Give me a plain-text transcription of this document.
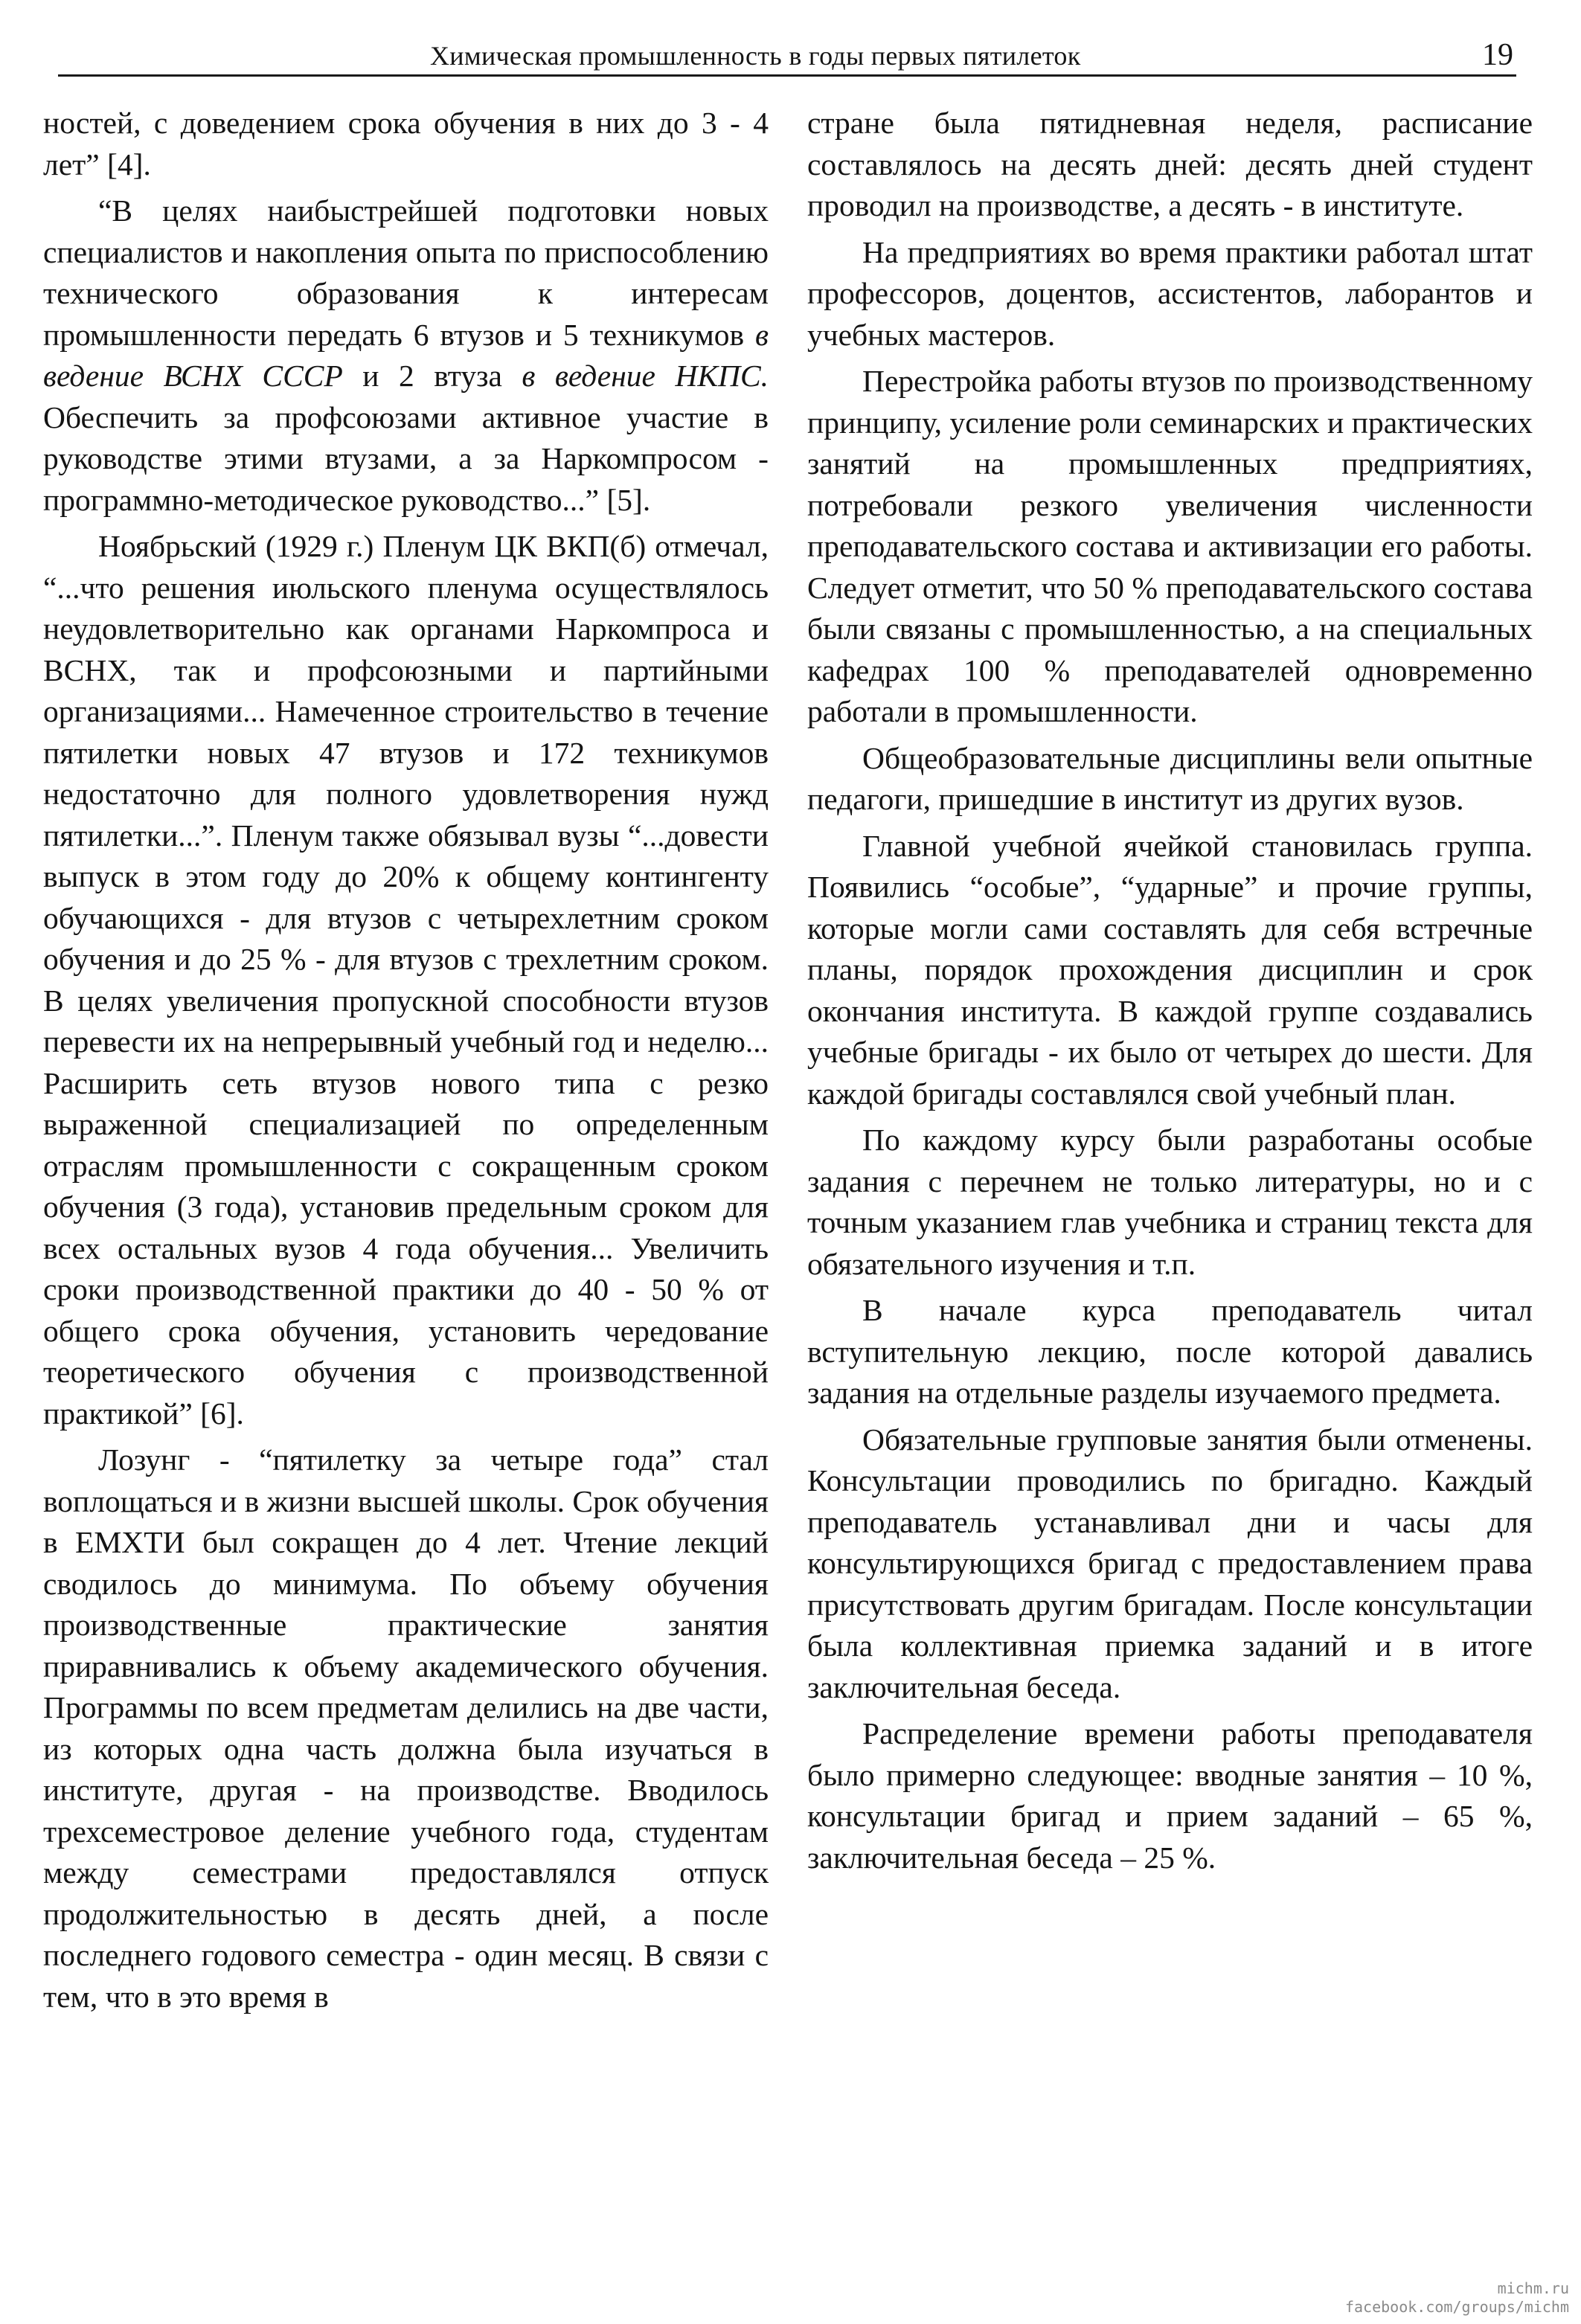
Химическая промышленность в годы первых пятилеток	19

ностей, с доведением срока обучения в них до 3 - 4 лет” [4].

“В целях наибыстрейшей подготовки новых специалистов и накопления опыта по приспособлению технического образования к интересам промышленности передать 6 втузов и 5 техникумов в ведение ВСНХ СССР и 2 втуза в ведение НКПС. Обеспечить за профсоюзами активное участие в руководстве этими втузами, а за Наркомпросом - программно-методическое руководство...” [5].

Ноябрьский (1929 г.) Пленум ЦК ВКП(б) отмечал, “...что решения июльского пленума осуществлялось неудовлетворительно как органами Наркомпроса и ВСНХ, так и профсоюзными и партийными организациями... Намеченное строительство в течение пятилетки новых 47 втузов и 172 техникумов недостаточно для полного удовлетворения нужд пятилетки...”. Пленум также обязывал вузы “...довести выпуск в этом году до 20% к общему контингенту обучающихся - для втузов с четырехлетним сроком обучения и до 25 % - для втузов с трехлетним сроком. В целях увеличения пропускной способности втузов перевести их на непрерывный учебный год и неделю... Расширить сеть втузов нового типа с резко выраженной специализацией по определенным отраслям промышленности с сокращенным сроком обучения (3 года), установив предельным сроком для всех остальных вузов 4 года обучения... Увеличить сроки производственной практики до 40 - 50 % от общего срока обучения, установить чередование теоретического обучения с производственной практикой” [6].

Лозунг - “пятилетку за четыре года” стал воплощаться и в жизни высшей школы. Срок обучения в ЕМХТИ был сокращен до 4 лет. Чтение лекций сводилось до минимума. По объему обучения производственные практические занятия приравнивались к объему академического обучения. Программы по всем предметам делились на две части, из которых одна часть должна была изучаться в институте, другая - на производстве. Вводилось трехсеместровое деление учебного года, студентам между семестрами предоставлялся отпуск продолжительностью в десять дней, а после последнего годового семестра - один месяц. В связи с тем, что в это время в

стране была пятидневная неделя, расписание составлялось на десять дней: десять дней студент проводил на производстве, а десять - в институте.

На предприятиях во время практики работал штат профессоров, доцентов, ассистентов, лаборантов и учебных мастеров.

Перестройка работы втузов по производственному принципу, усиление роли семинарских и практических занятий на промышленных предприятиях, потребовали резкого увеличения численности преподавательского состава и активизации его работы. Следует отметит, что 50 % преподавательского состава были связаны с промышленностью, а на специальных кафедрах 100 % преподавателей одновременно работали в промышленности.

Общеобразовательные дисциплины вели опытные педагоги, пришедшие в институт из других вузов.

Главной учебной ячейкой становилась группа. Появились “особые”, “ударные” и прочие группы, которые могли сами составлять для себя встречные планы, порядок прохождения дисциплин и срок окончания института. В каждой группе создавались учебные бригады - их было от четырех до шести. Для каждой бригады составлялся свой учебный план.

По каждому курсу были разработаны особые задания с перечнем не только литературы, но и с точным указанием глав учебника и страниц текста для обязательного изучения и т.п.

В начале курса преподаватель читал вступительную лекцию, после которой давались задания на отдельные разделы изучаемого предмета.

Обязательные групповые занятия были отменены. Консультации проводились по бригадно. Каждый преподаватель устанавливал дни и часы для консультирующихся бригад с предоставлением права присутствовать другим бригадам. После консультации была коллективная приемка заданий и в итоге заключительная беседа.

Распределение времени работы преподавателя было примерно следующее: вводные занятия – 10 %, консультации бригад и прием заданий – 65 %, заключительная беседа – 25 %.

michm.ru
facebook.com/groups/michm
